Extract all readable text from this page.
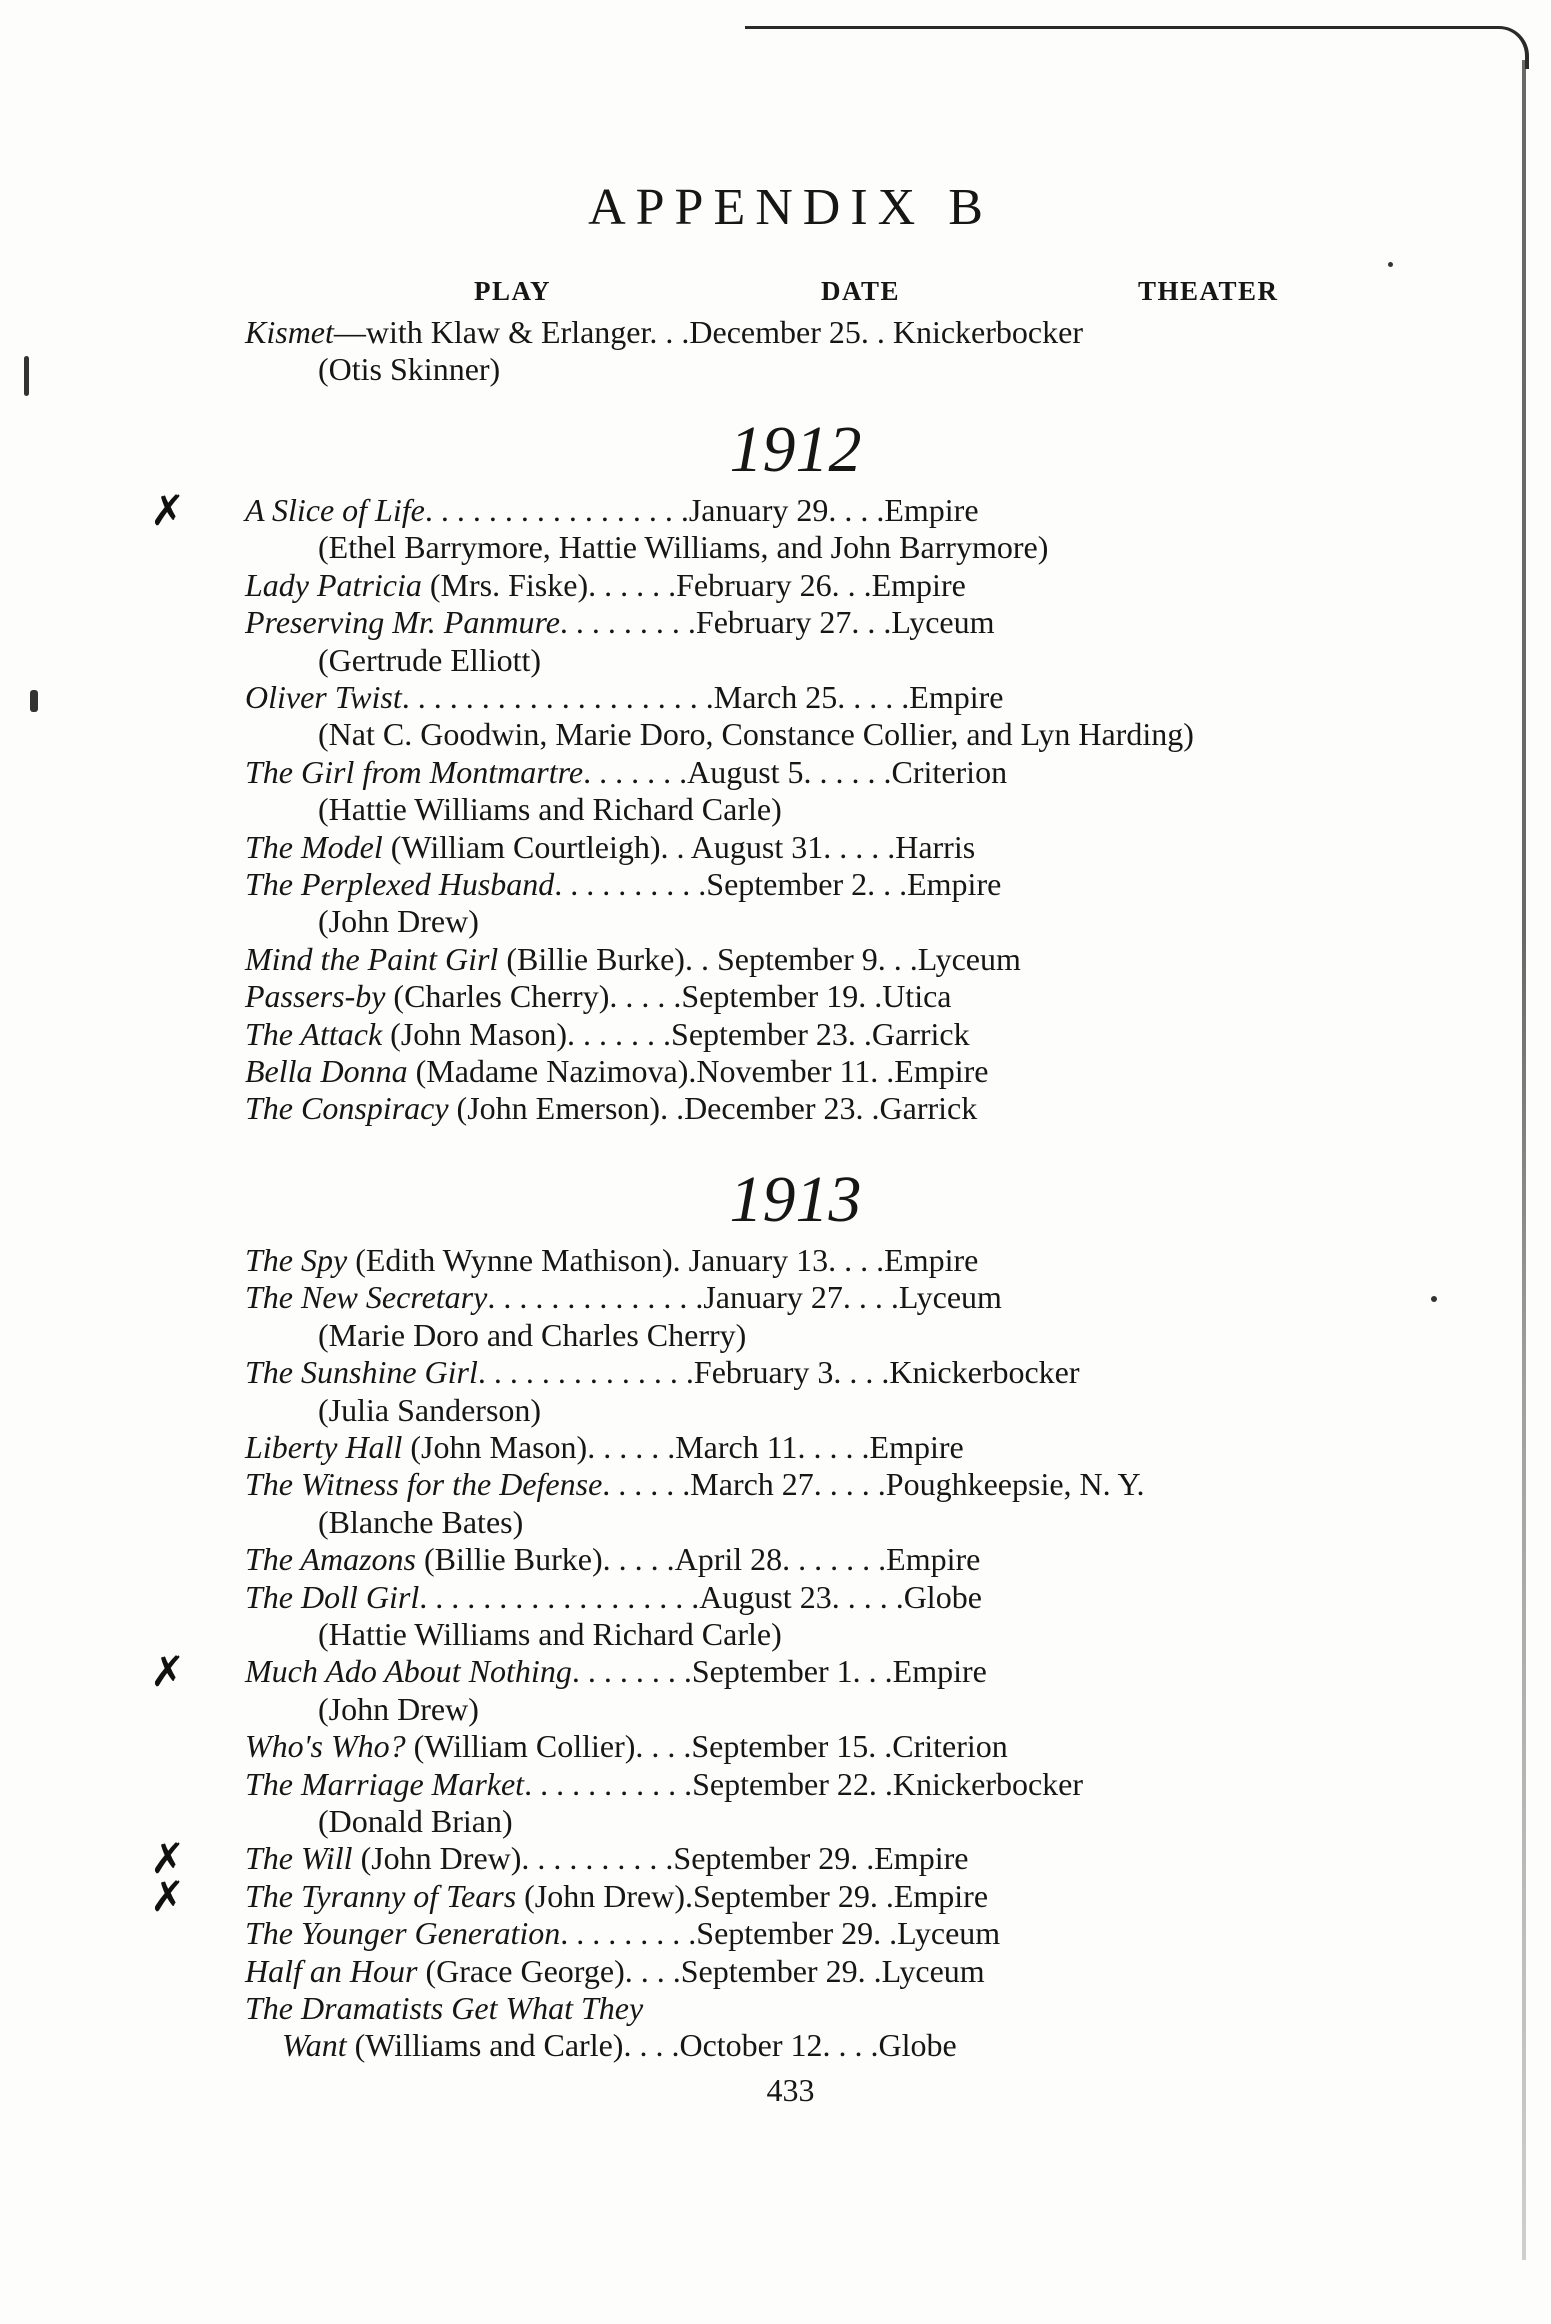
APPENDIX B
PLAY	DATE	THEATER
Kismet—with Klaw & Erlanger. . .December 25. . Knickerbocker
(Otis Skinner)
1912
A Slice of Life. . . . . . . . . . . . . . . . .January 29. . . .Empire
✗
(Ethel Barrymore, Hattie Williams, and John Barrymore)
Lady Patricia (Mrs. Fiske). . . . . .February 26. . .Empire
Preserving Mr. Panmure. . . . . . . . .February 27. . .Lyceum
(Gertrude Elliott)
Oliver Twist. . . . . . . . . . . . . . . . . . . .March 25. . . . .Empire
(Nat C. Goodwin, Marie Doro, Constance Collier, and Lyn Harding)
The Girl from Montmartre. . . . . . .August 5. . . . . .Criterion
(Hattie Williams and Richard Carle)
The Model (William Courtleigh). . August 31. . . . .Harris
The Perplexed Husband. . . . . . . . . .September 2. . .Empire
(John Drew)
Mind the Paint Girl (Billie Burke). . September 9. . .Lyceum
Passers-by (Charles Cherry). . . . .September 19. .Utica
The Attack (John Mason). . . . . . .September 23. .Garrick
Bella Donna (Madame Nazimova).November 11. .Empire
The Conspiracy (John Emerson). .December 23. .Garrick
1913
The Spy (Edith Wynne Mathison). January 13. . . .Empire
The New Secretary. . . . . . . . . . . . . .January 27. . . .Lyceum
(Marie Doro and Charles Cherry)
The Sunshine Girl. . . . . . . . . . . . . .February 3. . . .Knickerbocker
(Julia Sanderson)
Liberty Hall (John Mason). . . . . .March 11. . . . .Empire
The Witness for the Defense. . . . . .March 27. . . . .Poughkeepsie, N. Y.
(Blanche Bates)
The Amazons (Billie Burke). . . . .April 28. . . . . . .Empire
The Doll Girl. . . . . . . . . . . . . . . . . .August 23. . . . .Globe
(Hattie Williams and Richard Carle)
Much Ado About Nothing. . . . . . . .September 1. . .Empire
✗
(John Drew)
Who's Who? (William Collier). . . .September 15. .Criterion
The Marriage Market. . . . . . . . . . .September 22. .Knickerbocker
(Donald Brian)
The Will (John Drew). . . . . . . . . .September 29. .Empire
✗
The Tyranny of Tears (John Drew).September 29. .Empire
✗
The Younger Generation. . . . . . . . .September 29. .Lyceum
Half an Hour (Grace George). . . .September 29. .Lyceum
The Dramatists Get What They
Want (Williams and Carle). . . .October 12. . . .Globe
433
